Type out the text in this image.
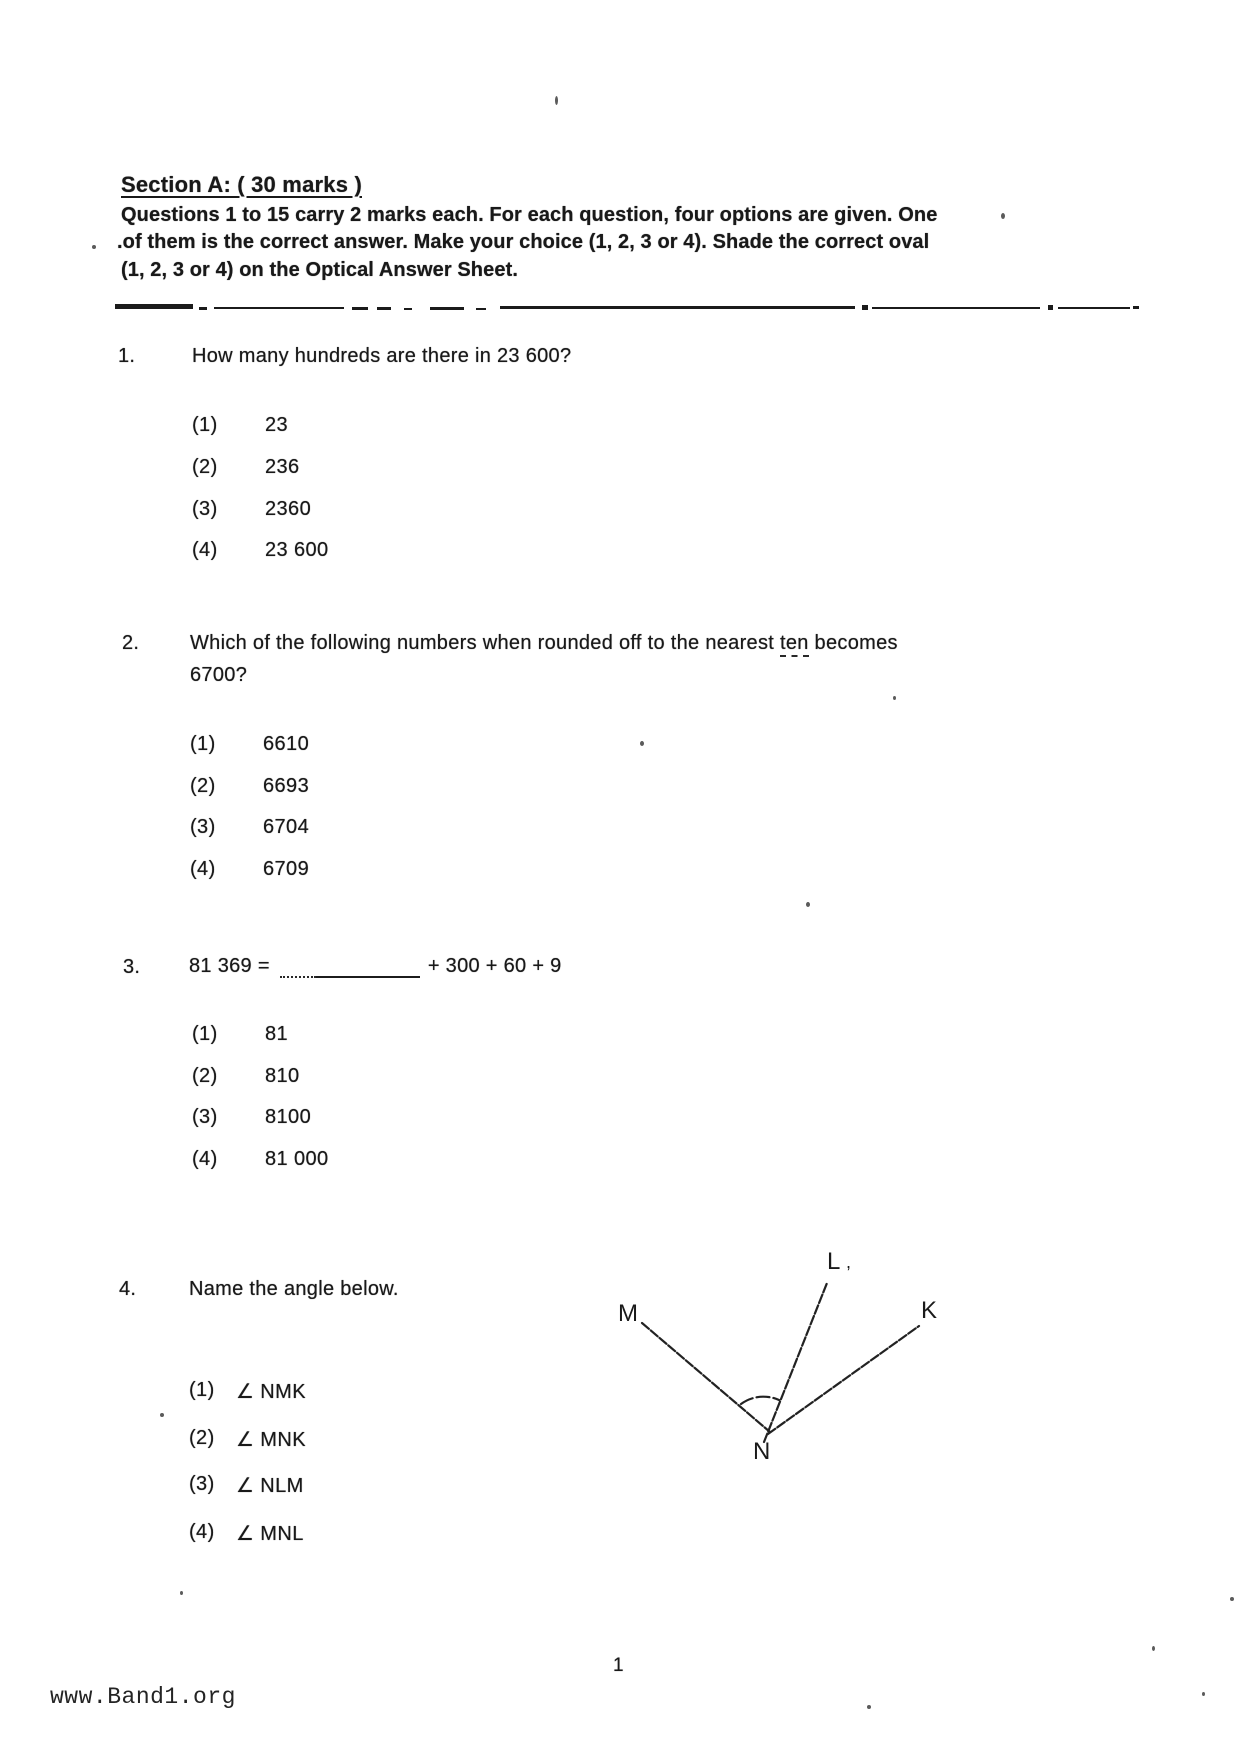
Section A: ( 30 marks )
Questions 1 to 15 carry 2 marks each. For each question, four options are given. One
.of them is the correct answer. Make your choice (1, 2, 3 or 4). Shade the correct oval
(1, 2, 3 or 4) on the Optical Answer Sheet.
1.	How many hundreds are there in 23 600?
(1)	23
(2)	236
(3)	2360
(4)	23 600
2.	Which of the following numbers when rounded off to the nearest ten becomes
6700?
(1)	6610
(2)	6693
(3)	6704
(4)	6709
3. 81 369 =	+ 300 + 60 + 9
(1)	81
(2)	810
(3)	8100
(4)	81 000
4.	Name the angle below.
(1)	∠ NMK
(2)	∠ MNK
(3)	∠ NLM
(4)	∠ MNL
M
L
K
N
,
1
www.Band1.org
